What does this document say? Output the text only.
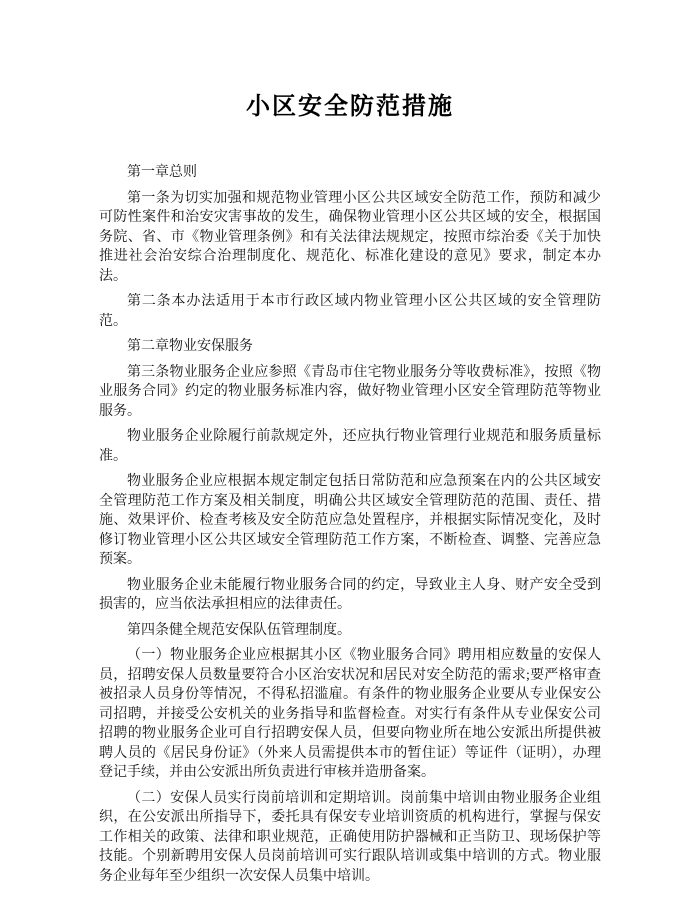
小区安全防范措施

第一章总则

第一条为切实加强和规范物业管理小区公共区域安全防范工作，预防和减少可防性案件和治安灾害事故的发生，确保物业管理小区公共区域的安全，根据国务院、省、市《物业管理条例》和有关法律法规规定，按照市综治委《关于加快推进社会治安综合治理制度化、规范化、标准化建设的意见》要求，制定本办法。

第二条本办法适用于本市行政区域内物业管理小区公共区域的安全管理防范。

第二章物业安保服务

第三条物业服务企业应参照《青岛市住宅物业服务分等收费标准》，按照《物业服务合同》约定的物业服务标准内容，做好物业管理小区安全管理防范等物业服务。

物业服务企业除履行前款规定外，还应执行物业管理行业规范和服务质量标准。

物业服务企业应根据本规定制定包括日常防范和应急预案在内的公共区域安全管理防范工作方案及相关制度，明确公共区域安全管理防范的范围、责任、措施、效果评价、检查考核及安全防范应急处置程序，并根据实际情况变化，及时修订物业管理小区公共区域安全管理防范工作方案，不断检查、调整、完善应急预案。

物业服务企业未能履行物业服务合同的约定，导致业主人身、财产安全受到损害的，应当依法承担相应的法律责任。

第四条健全规范安保队伍管理制度。

（一）物业服务企业应根据其小区《物业服务合同》聘用相应数量的安保人员，招聘安保人员数量要符合小区治安状况和居民对安全防范的需求;要严格审查被招录人员身份等情况，不得私招滥雇。有条件的物业服务企业要从专业保安公司招聘，并接受公安机关的业务指导和监督检查。对实行有条件从专业保安公司招聘的物业服务企业可自行招聘安保人员，但要向物业所在地公安派出所提供被聘人员的《居民身份证》（外来人员需提供本市的暂住证）等证件（证明），办理登记手续，并由公安派出所负责进行审核并造册备案。

（二）安保人员实行岗前培训和定期培训。岗前集中培训由物业服务企业组织，在公安派出所指导下，委托具有保安专业培训资质的机构进行，掌握与保安工作相关的政策、法律和职业规范，正确使用防护器械和正当防卫、现场保护等技能。个别新聘用安保人员岗前培训可实行跟队培训或集中培训的方式。物业服务企业每年至少组织一次安保人员集中培训。
